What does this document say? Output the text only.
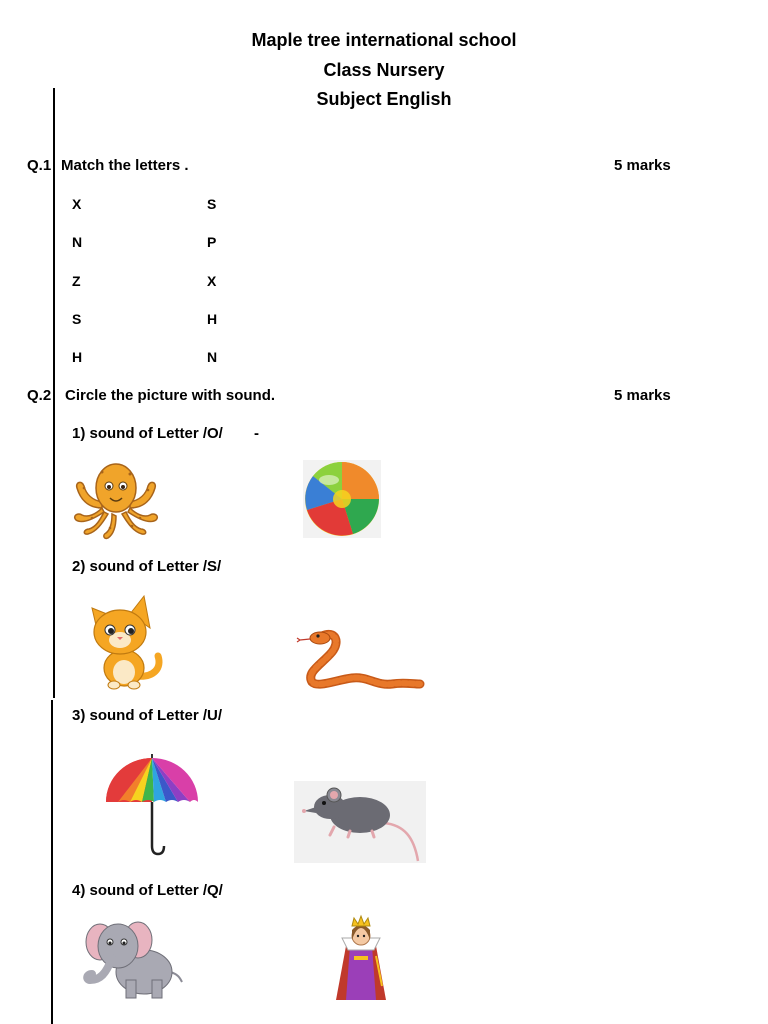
Maple tree international school
Class Nursery
Subject English
Q.1 Match the letters .	5 marks
X
N
Z
S
H
S
P
X
H
N
Q.2 Circle the picture with sound.	5 marks
1) sound of Letter /O/ -
2) sound of Letter /S/
3) sound of Letter /U/
4) sound of Letter /Q/
